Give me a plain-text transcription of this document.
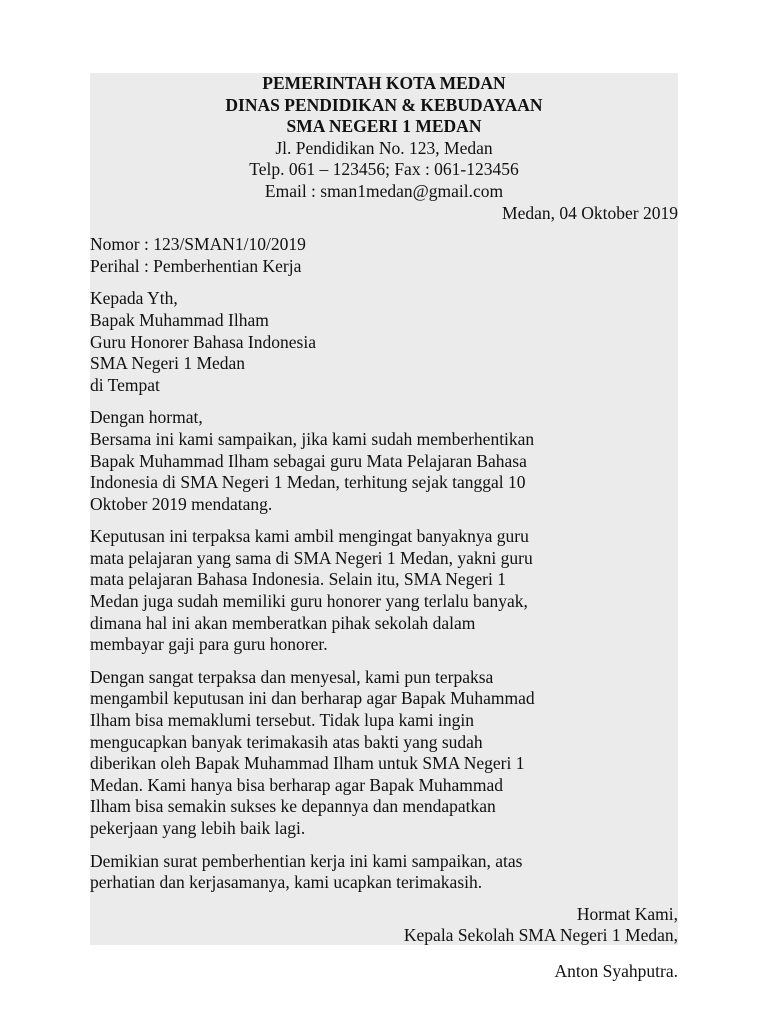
PEMERINTAH KOTA MEDAN
DINAS PENDIDIKAN & KEBUDAYAAN
SMA NEGERI 1 MEDAN
Jl. Pendidikan No. 123, Medan
Telp. 061 – 123456; Fax : 061-123456
Email : sman1medan@gmail.com
Medan, 04 Oktober 2019
Nomor : 123/SMAN1/10/2019
Perihal : Pemberhentian Kerja
Kepada Yth,
Bapak Muhammad Ilham
Guru Honorer Bahasa Indonesia
SMA Negeri 1 Medan
di Tempat
Dengan hormat,

Bersama ini kami sampaikan, jika kami sudah memberhentikan
Bapak Muhammad Ilham sebagai guru Mata Pelajaran Bahasa
Indonesia di SMA Negeri 1 Medan, terhitung sejak tanggal 10
Oktober 2019 mendatang.

Keputusan ini terpaksa kami ambil mengingat banyaknya guru
mata pelajaran yang sama di SMA Negeri 1 Medan, yakni guru
mata pelajaran Bahasa Indonesia. Selain itu, SMA Negeri 1
Medan juga sudah memiliki guru honorer yang terlalu banyak,
dimana hal ini akan memberatkan pihak sekolah dalam
membayar gaji para guru honorer.

Dengan sangat terpaksa dan menyesal, kami pun terpaksa
mengambil keputusan ini dan berharap agar Bapak Muhammad
Ilham bisa memaklumi tersebut. Tidak lupa kami ingin
mengucapkan banyak terimakasih atas bakti yang sudah
diberikan oleh Bapak Muhammad Ilham untuk SMA Negeri 1
Medan. Kami hanya bisa berharap agar Bapak Muhammad
Ilham bisa semakin sukses ke depannya dan mendapatkan
pekerjaan yang lebih baik lagi.

Demikian surat pemberhentian kerja ini kami sampaikan, atas
perhatian dan kerjasamanya, kami ucapkan terimakasih.

Hormat Kami,
Kepala Sekolah SMA Negeri 1 Medan,
Anton Syahputra.
